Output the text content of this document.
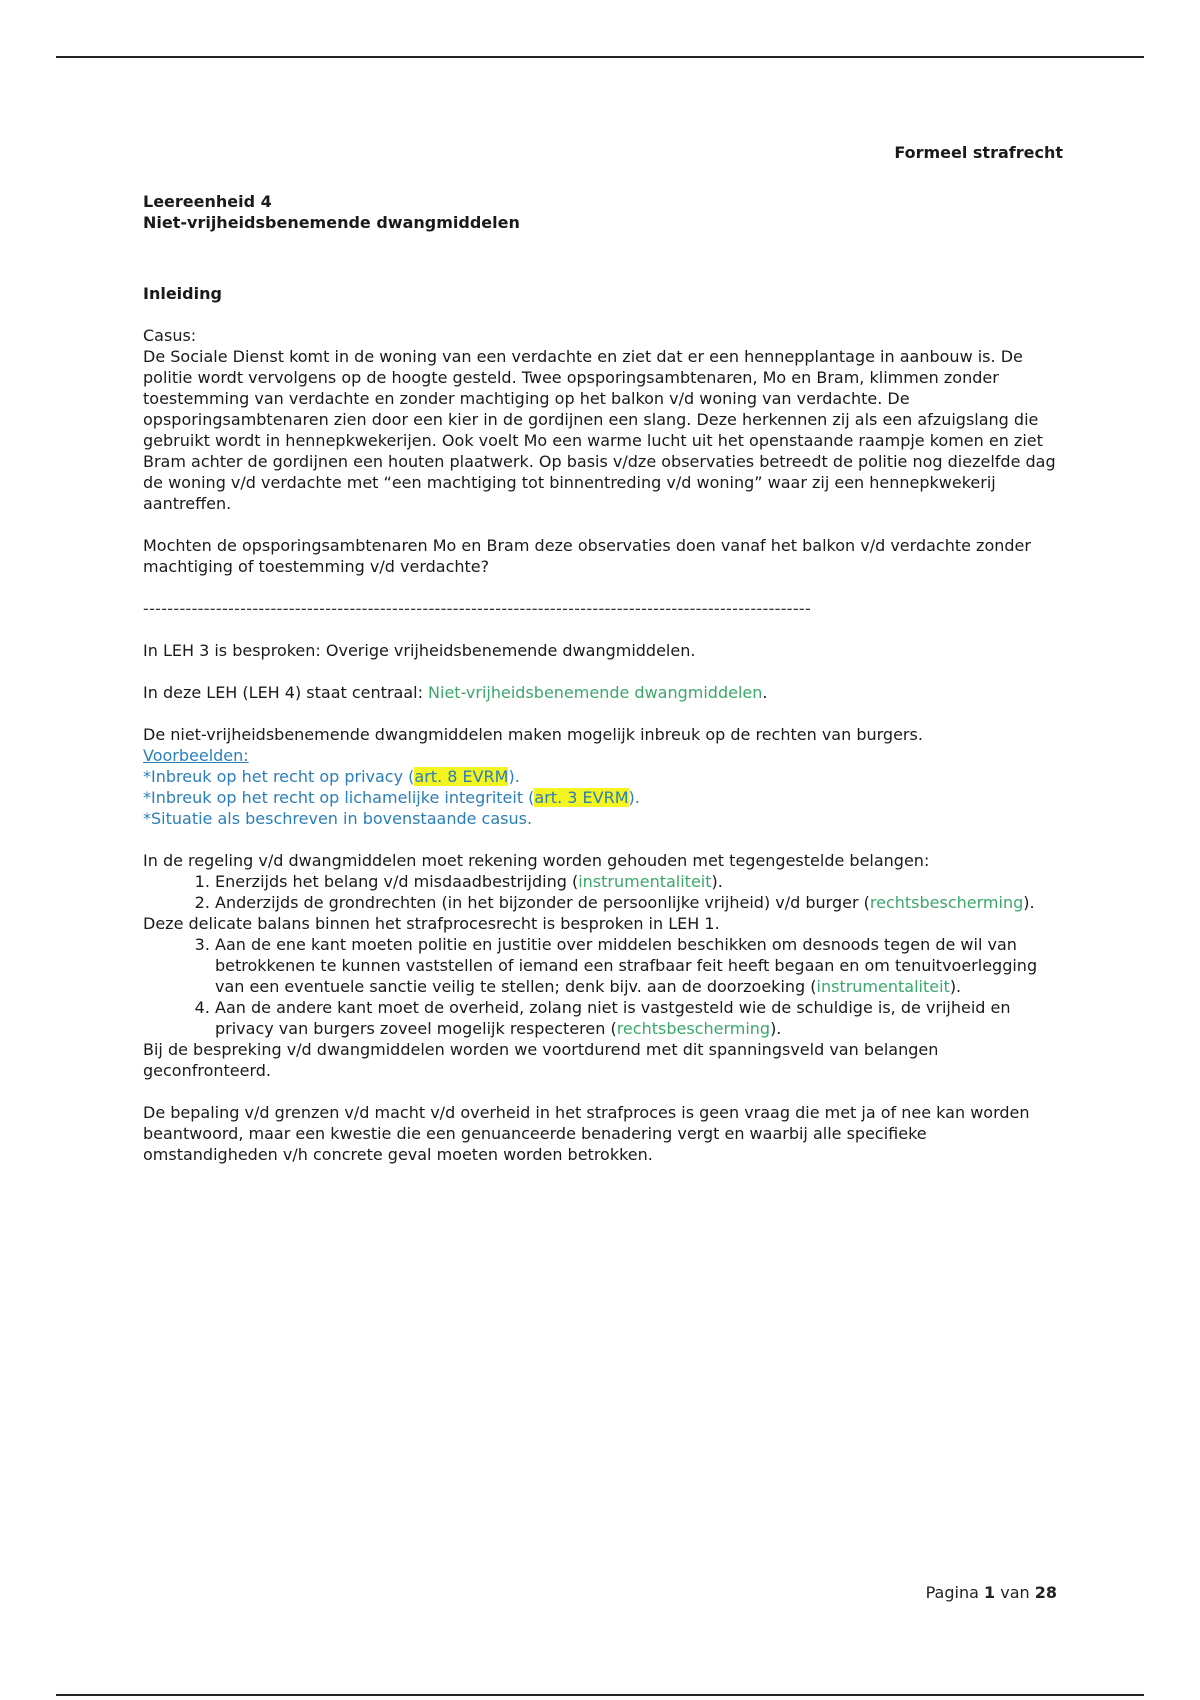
Formeel strafrecht

Leereenheid 4

Niet-vrijheidsbenemende dwangmiddelen

Inleiding

Casus:

De Sociale Dienst komt in de woning van een verdachte en ziet dat er een hennepplantage in aanbouw is. De politie wordt vervolgens op de hoogte gesteld. Twee opsporingsambtenaren, Mo en Bram, klimmen zonder toestemming van verdachte en zonder machtiging op het balkon v/d woning van verdachte. De opsporingsambtenaren zien door een kier in de gordijnen een slang. Deze herkennen zij als een afzuigslang die gebruikt wordt in hennepkwekerijen. Ook voelt Mo een warme lucht uit het openstaande raampje komen en ziet Bram achter de gordijnen een houten plaatwerk. Op basis v/dze observaties betreedt de politie nog diezelfde dag de woning v/d verdachte met “een machtiging tot binnentreding v/d woning” waar zij een hennepkwekerij aantreffen.

Mochten de opsporingsambtenaren Mo en Bram deze observaties doen vanaf het balkon v/d verdachte zonder machtiging of toestemming v/d verdachte?

--------------------------------------------------------------------------------------------------------------

In LEH 3 is besproken: Overige vrijheidsbenemende dwangmiddelen.

In deze LEH (LEH 4) staat centraal: Niet-vrijheidsbenemende dwangmiddelen.

De niet-vrijheidsbenemende dwangmiddelen maken mogelijk inbreuk op de rechten van burgers.

Voorbeelden:

*Inbreuk op het recht op privacy (art. 8 EVRM).

*Inbreuk op het recht op lichamelijke integriteit (art. 3 EVRM).

*Situatie als beschreven in bovenstaande casus.

In de regeling v/d dwangmiddelen moet rekening worden gehouden met tegengestelde belangen:

1. Enerzijds het belang v/d misdaadbestrijding (instrumentaliteit).
2. Anderzijds de grondrechten (in het bijzonder de persoonlijke vrijheid) v/d burger (rechtsbescherming).

Deze delicate balans binnen het strafprocesrecht is besproken in LEH 1.

3. Aan de ene kant moeten politie en justitie over middelen beschikken om desnoods tegen de wil van betrokkenen te kunnen vaststellen of iemand een strafbaar feit heeft begaan en om tenuitvoerlegging van een eventuele sanctie veilig te stellen; denk bijv. aan de doorzoeking (instrumentaliteit).
4. Aan de andere kant moet de overheid, zolang niet is vastgesteld wie de schuldige is, de vrijheid en privacy van burgers zoveel mogelijk respecteren (rechtsbescherming).

Bij de bespreking v/d dwangmiddelen worden we voortdurend met dit spanningsveld van belangen geconfronteerd.

De bepaling v/d grenzen v/d macht v/d overheid in het strafproces is geen vraag die met ja of nee kan worden beantwoord, maar een kwestie die een genuanceerde benadering vergt en waarbij alle specifieke omstandigheden v/h concrete geval moeten worden betrokken.

Pagina 1 van 28
